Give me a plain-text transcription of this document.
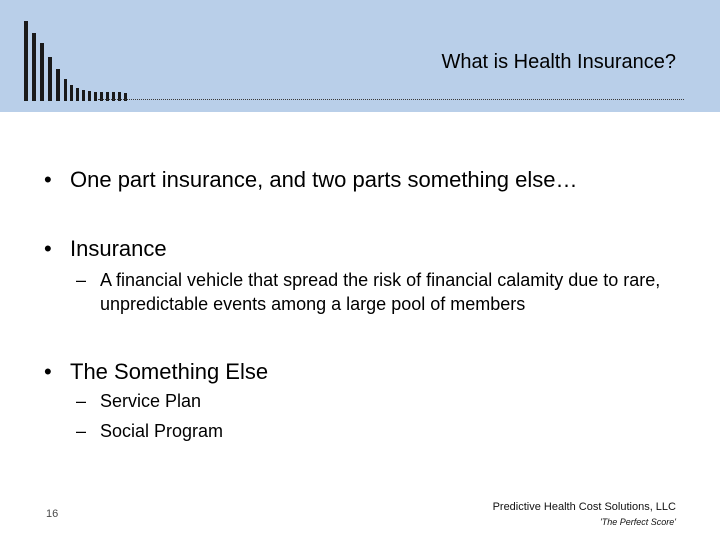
What is Health Insurance?
• One part insurance, and two parts something else…
• Insurance
– A financial vehicle that spread the risk of financial calamity due to rare, unpredictable events among a large pool of members
• The Something Else
– Service Plan
– Social Program
16
Predictive Health Cost Solutions, LLC
'The Perfect Score'
